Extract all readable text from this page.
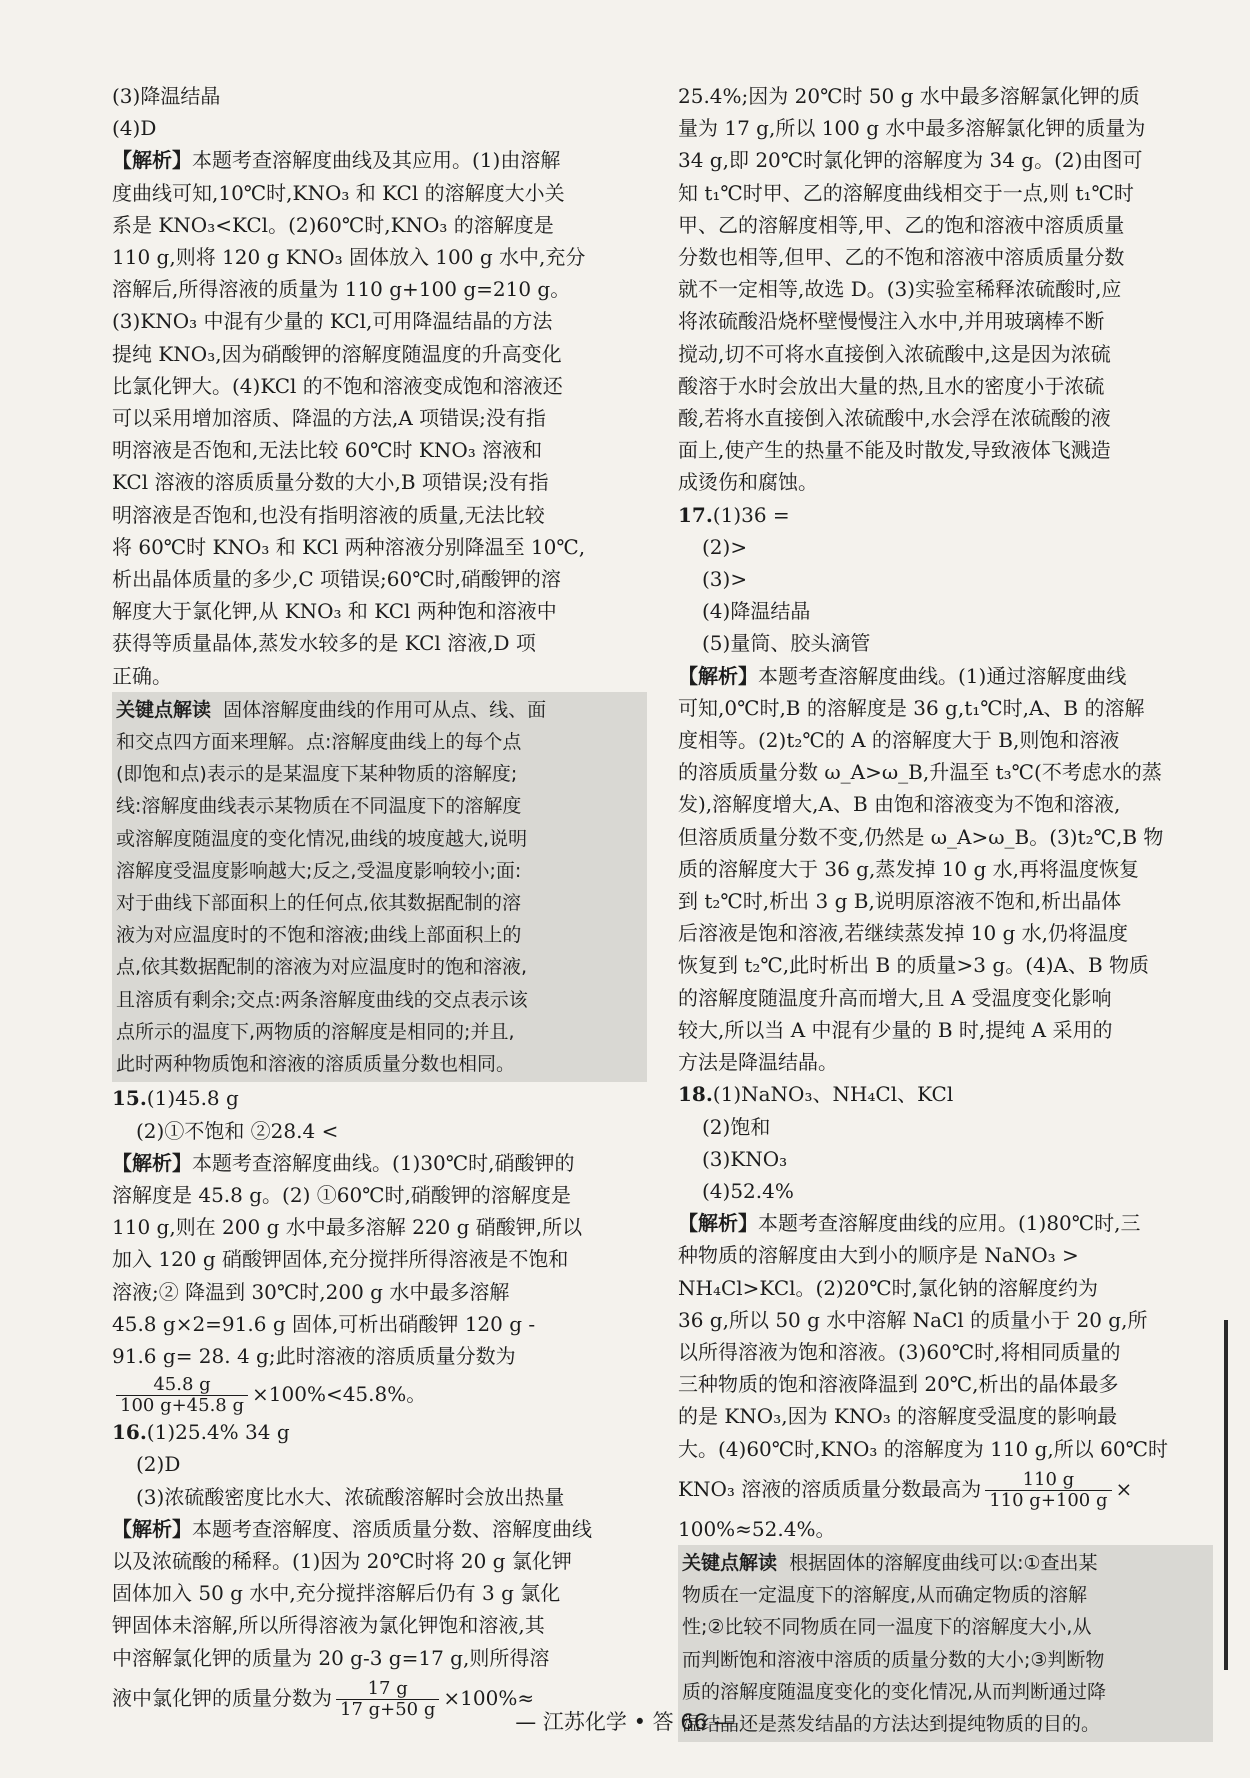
(3)降温结晶
(4)D
【解析】本题考查溶解度曲线及其应用。(1)由溶解
度曲线可知,10℃时,KNO₃ 和 KCl 的溶解度大小关
系是 KNO₃<KCl。(2)60℃时,KNO₃ 的溶解度是
110 g,则将 120 g KNO₃ 固体放入 100 g 水中,充分
溶解后,所得溶液的质量为 110 g+100 g=210 g。
(3)KNO₃ 中混有少量的 KCl,可用降温结晶的方法
提纯 KNO₃,因为硝酸钾的溶解度随温度的升高变化
比氯化钾大。(4)KCl 的不饱和溶液变成饱和溶液还
可以采用增加溶质、降温的方法,A 项错误;没有指
明溶液是否饱和,无法比较 60℃时 KNO₃ 溶液和
KCl 溶液的溶质质量分数的大小,B 项错误;没有指
明溶液是否饱和,也没有指明溶液的质量,无法比较
将 60℃时 KNO₃ 和 KCl 两种溶液分别降温至 10℃,
析出晶体质量的多少,C 项错误;60℃时,硝酸钾的溶
解度大于氯化钾,从 KNO₃ 和 KCl 两种饱和溶液中
获得等质量晶体,蒸发水较多的是 KCl 溶液,D 项
正确。
关键点解读 固体溶解度曲线的作用可从点、线、面
和交点四方面来理解。点:溶解度曲线上的每个点
(即饱和点)表示的是某温度下某种物质的溶解度;
线:溶解度曲线表示某物质在不同温度下的溶解度
或溶解度随温度的变化情况,曲线的坡度越大,说明
溶解度受温度影响越大;反之,受温度影响较小;面:
对于曲线下部面积上的任何点,依其数据配制的溶
液为对应温度时的不饱和溶液;曲线上部面积上的
点,依其数据配制的溶液为对应温度时的饱和溶液,
且溶质有剩余;交点:两条溶解度曲线的交点表示该
点所示的温度下,两物质的溶解度是相同的;并且,
此时两种物质饱和溶液的溶质质量分数也相同。
15.(1)45.8 g
(2)①不饱和 ②28.4 <
【解析】本题考查溶解度曲线。(1)30℃时,硝酸钾的
溶解度是 45.8 g。(2) ①60℃时,硝酸钾的溶解度是
110 g,则在 200 g 水中最多溶解 220 g 硝酸钾,所以
加入 120 g 硝酸钾固体,充分搅拌所得溶液是不饱和
溶液;② 降温到 30℃时,200 g 水中最多溶解
45.8 g×2=91.6 g 固体,可析出硝酸钾 120 g -
91.6 g= 28. 4 g;此时溶液的溶质质量分数为
$\frac{45.8 g}{100 g+45.8 g} \times 100\%<45.8\%$。
16.(1)25.4% 34 g
(2)D
(3)浓硫酸密度比水大、浓硫酸溶解时会放出热量
【解析】本题考查溶解度、溶质质量分数、溶解度曲线
以及浓硫酸的稀释。(1)因为 20℃时将 20 g 氯化钾
固体加入 50 g 水中,充分搅拌溶解后仍有 3 g 氯化
钾固体未溶解,所以所得溶液为氯化钾饱和溶液,其
中溶解氯化钾的质量为 20 g-3 g=17 g,则所得溶
液中氯化钾的质量分数为 $\frac{17 g}{17 g+50 g} \times 100\%\approx$
25.4%;因为 20℃时 50 g 水中最多溶解氯化钾的质
量为 17 g,所以 100 g 水中最多溶解氯化钾的质量为
34 g,即 20℃时氯化钾的溶解度为 34 g。(2)由图可
知 t₁℃时甲、乙的溶解度曲线相交于一点,则 t₁℃时
甲、乙的溶解度相等,甲、乙的饱和溶液中溶质质量
分数也相等,但甲、乙的不饱和溶液中溶质质量分数
就不一定相等,故选 D。(3)实验室稀释浓硫酸时,应
将浓硫酸沿烧杯壁慢慢注入水中,并用玻璃棒不断
搅动,切不可将水直接倒入浓硫酸中,这是因为浓硫
酸溶于水时会放出大量的热,且水的密度小于浓硫
酸,若将水直接倒入浓硫酸中,水会浮在浓硫酸的液
面上,使产生的热量不能及时散发,导致液体飞溅造
成烫伤和腐蚀。
17.(1)36 =
(2)>
(3)>
(4)降温结晶
(5)量筒、胶头滴管
【解析】本题考查溶解度曲线。(1)通过溶解度曲线
可知,0℃时,B 的溶解度是 36 g,t₁℃时,A、B 的溶解
度相等。(2)t₂℃的 A 的溶解度大于 B,则饱和溶液
的溶质质量分数 ω_A>ω_B,升温至 t₃℃(不考虑水的蒸
发),溶解度增大,A、B 由饱和溶液变为不饱和溶液,
但溶质质量分数不变,仍然是 ω_A>ω_B。(3)t₂℃,B 物
质的溶解度大于 36 g,蒸发掉 10 g 水,再将温度恢复
到 t₂℃时,析出 3 g B,说明原溶液不饱和,析出晶体
后溶液是饱和溶液,若继续蒸发掉 10 g 水,仍将温度
恢复到 t₂℃,此时析出 B 的质量>3 g。(4)A、B 物质
的溶解度随温度升高而增大,且 A 受温度变化影响
较大,所以当 A 中混有少量的 B 时,提纯 A 采用的
方法是降温结晶。
18.(1)NaNO₃、NH₄Cl、KCl
(2)饱和
(3)KNO₃
(4)52.4%
【解析】本题考查溶解度曲线的应用。(1)80℃时,三
种物质的溶解度由大到小的顺序是 NaNO₃ >
NH₄Cl>KCl。(2)20℃时,氯化钠的溶解度约为
36 g,所以 50 g 水中溶解 NaCl 的质量小于 20 g,所
以所得溶液为饱和溶液。(3)60℃时,将相同质量的
三种物质的饱和溶液降温到 20℃,析出的晶体最多
的是 KNO₃,因为 KNO₃ 的溶解度受温度的影响最
大。(4)60℃时,KNO₃ 的溶解度为 110 g,所以 60℃时
KNO₃ 溶液的溶质质量分数最高为 $\frac{110 g}{110 g+100 g}$ ×
100%≈52.4%。
关键点解读 根据固体的溶解度曲线可以:①查出某
物质在一定温度下的溶解度,从而确定物质的溶解
性;②比较不同物质在同一温度下的溶解度大小,从
而判断饱和溶液中溶质的质量分数的大小;③判断物
质的溶解度随温度变化的变化情况,从而判断通过降
温结晶还是蒸发结晶的方法达到提纯物质的目的。
— 江苏化学 • 答 66 —
